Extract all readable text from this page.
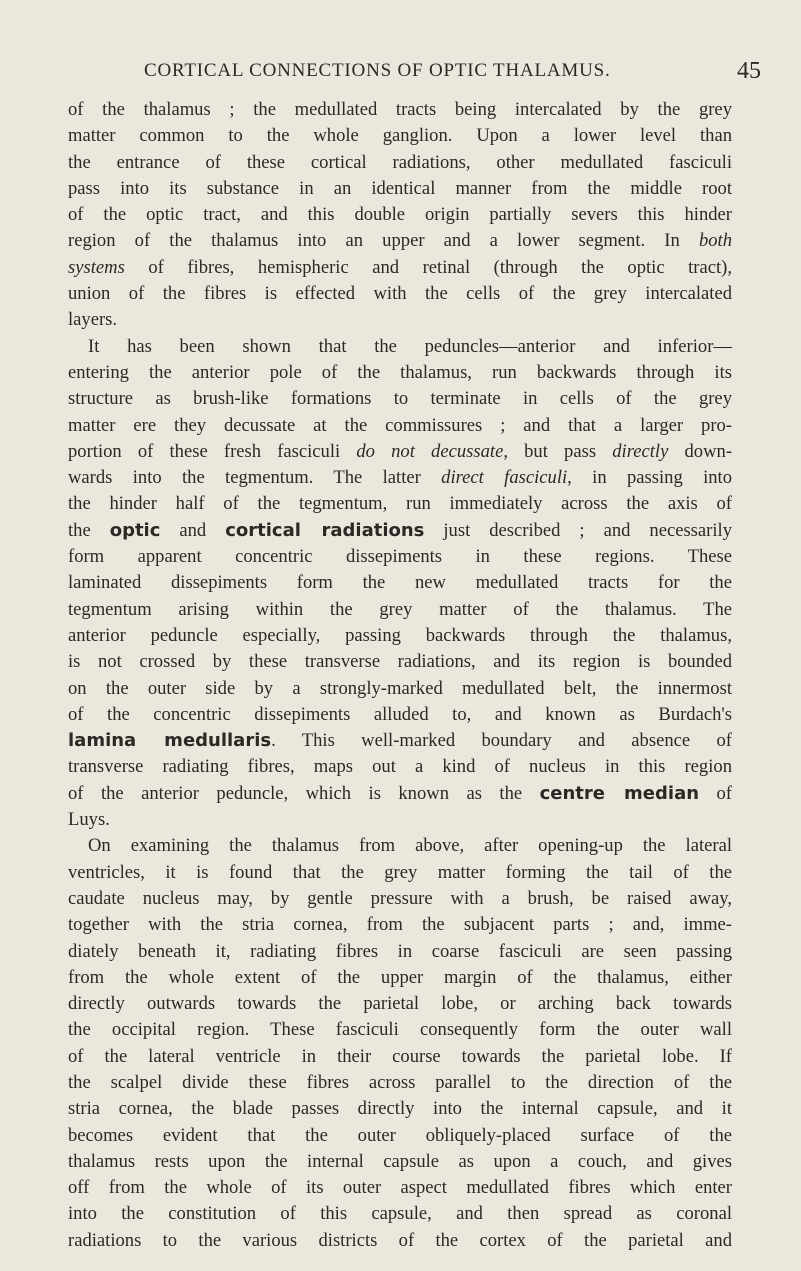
CORTICAL CONNECTIONS OF OPTIC THALAMUS.	45
of the thalamus ; the medullated tracts being intercalated by the grey
matter common to the whole ganglion. Upon a lower level than
the entrance of these cortical radiations, other medullated fasciculi
pass into its substance in an identical manner from the middle root
of the optic tract, and this double origin partially severs this hinder
region of the thalamus into an upper and a lower segment. In both
systems of fibres, hemispheric and retinal (through the optic tract),
union of the fibres is effected with the cells of the grey intercalated
layers.
It has been shown that the peduncles—anterior and inferior—
entering the anterior pole of the thalamus, run backwards through its
structure as brush-like formations to terminate in cells of the grey
matter ere they decussate at the commissures ; and that a larger pro-
portion of these fresh fasciculi do not decussate, but pass directly down-
wards into the tegmentum. The latter direct fasciculi, in passing into
the hinder half of the tegmentum, run immediately across the axis of
the optic and cortical radiations just described ; and necessarily
form apparent concentric dissepiments in these regions. These
laminated dissepiments form the new medullated tracts for the
tegmentum arising within the grey matter of the thalamus. The
anterior peduncle especially, passing backwards through the thalamus,
is not crossed by these transverse radiations, and its region is bounded
on the outer side by a strongly-marked medullated belt, the innermost
of the concentric dissepiments alluded to, and known as Burdach's
lamina medullaris. This well-marked boundary and absence of
transverse radiating fibres, maps out a kind of nucleus in this region
of the anterior peduncle, which is known as the centre median of
Luys.
On examining the thalamus from above, after opening-up the lateral
ventricles, it is found that the grey matter forming the tail of the
caudate nucleus may, by gentle pressure with a brush, be raised away,
together with the stria cornea, from the subjacent parts ; and, imme-
diately beneath it, radiating fibres in coarse fasciculi are seen passing
from the whole extent of the upper margin of the thalamus, either
directly outwards towards the parietal lobe, or arching back towards
the occipital region. These fasciculi consequently form the outer wall
of the lateral ventricle in their course towards the parietal lobe. If
the scalpel divide these fibres across parallel to the direction of the
stria cornea, the blade passes directly into the internal capsule, and it
becomes evident that the outer obliquely-placed surface of the
thalamus rests upon the internal capsule as upon a couch, and gives
off from the whole of its outer aspect medullated fibres which enter
into the constitution of this capsule, and then spread as coronal
radiations to the various districts of the cortex of the parietal and
